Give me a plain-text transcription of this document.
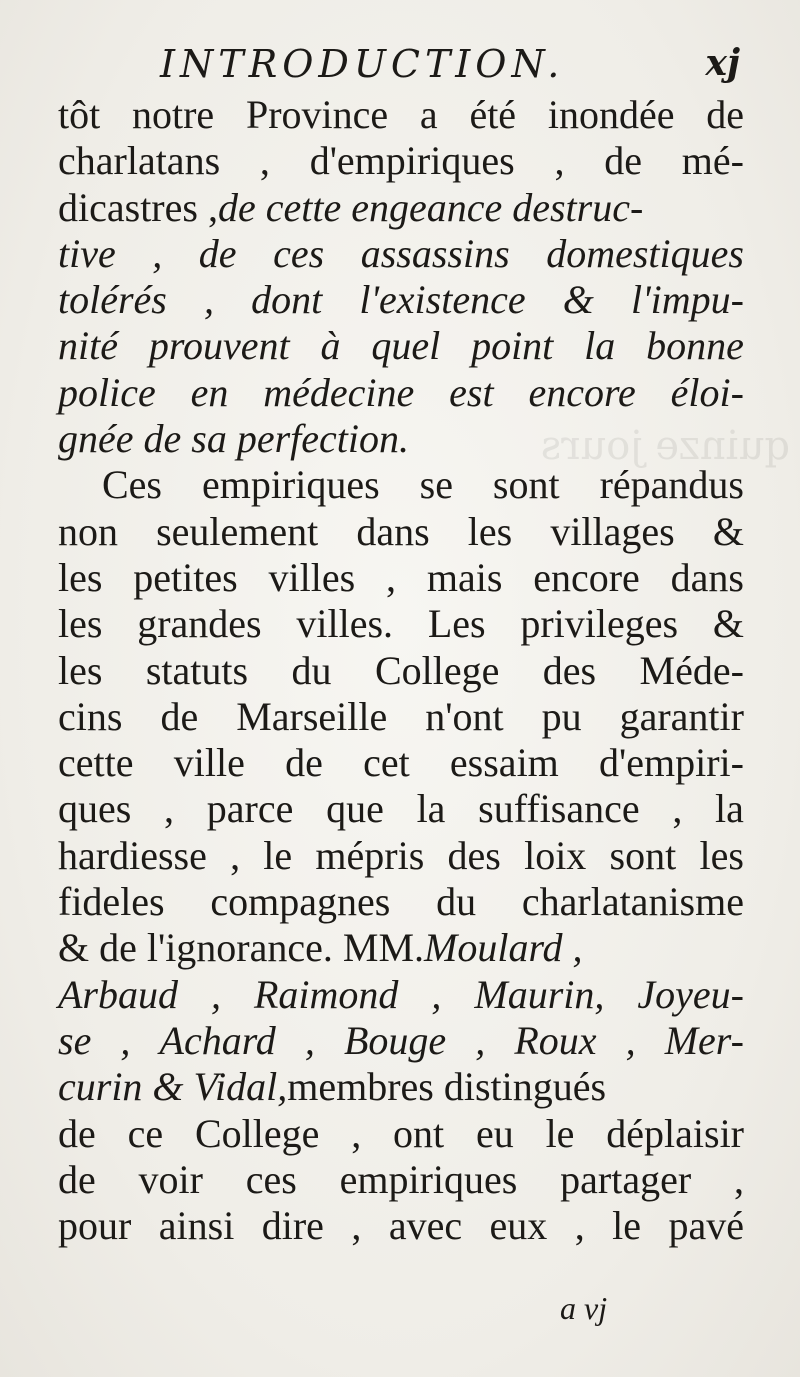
quinze jours
INTRODUCTION.	xj
tôt notre Province a été inondée de
charlatans , d'empiriques , de mé-
dicastres , de cette engeance destruc-
tive , de ces assassins domestiques
tolérés , dont l'existence & l'impu-
nité prouvent à quel point la bonne
police en médecine est encore éloi-
gnée de sa perfection.
Ces empiriques se sont répandus
non seulement dans les villages &
les petites villes , mais encore dans
les grandes villes. Les privileges &
les statuts du College des Méde-
cins de Marseille n'ont pu garantir
cette ville de cet essaim d'empiri-
ques , parce que la suffisance , la
hardiesse , le mépris des loix sont les
fideles compagnes du charlatanisme
& de l'ignorance. MM. Moulard ,
Arbaud , Raimond , Maurin, Joyeu-
se , Achard , Bouge , Roux , Mer-
curin & Vidal, membres distingués
de ce College , ont eu le déplaisir
de voir ces empiriques partager ,
pour ainsi dire , avec eux , le pavé
a vj
